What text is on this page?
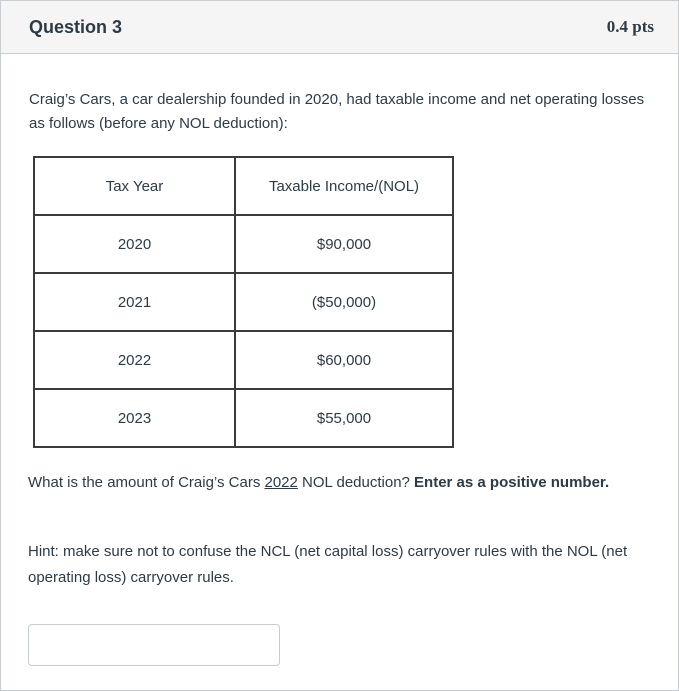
Question 3	0.4 pts
Craig’s Cars, a car dealership founded in 2020, had taxable income and net operating losses as follows (before any NOL deduction):
Tax Year	Taxable Income/(NOL)
2020	$90,000
2021	($50,000)
2022	$60,000
2023	$55,000
What is the amount of Craig’s Cars 2022 NOL deduction? Enter as a positive number.
Hint: make sure not to confuse the NCL (net capital loss) carryover rules with the NOL (net operating loss) carryover rules.
